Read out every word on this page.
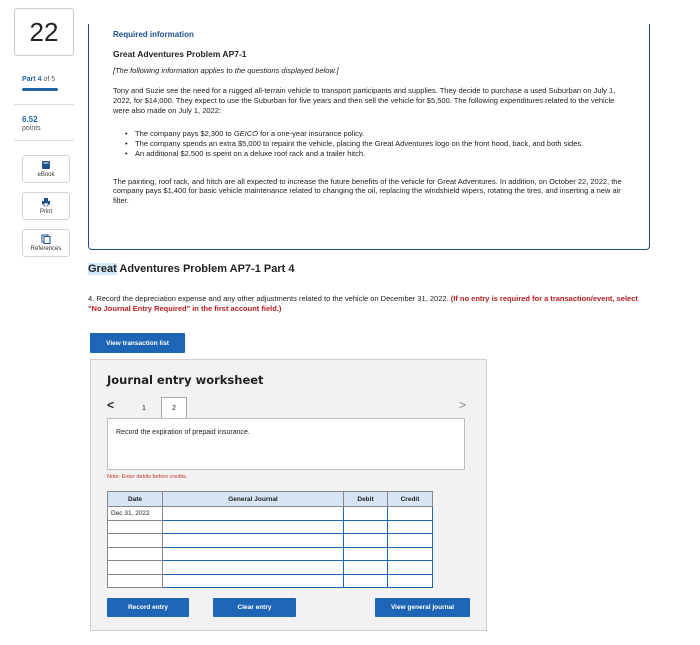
22
Part 4 of 5
6.52
points
eBook
Print
References
Required information
Great Adventures Problem AP7-1
[The following information applies to the questions displayed below.]

Tony and Suzie see the need for a rugged all-terrain vehicle to transport participants and supplies. They decide to purchase a used Suburban on July 1, 2022, for $14,000. They expect to use the Suburban for five years and then sell the vehicle for $5,500. The following expenditures related to the vehicle were also made on July 1, 2022:

• The company pays $2,300 to GEICO for a one-year insurance policy.
• The company spends an extra $5,000 to repaint the vehicle, placing the Great Adventures logo on the front hood, back, and both sides.
• An additional $2,500 is spent on a deluxe roof rack and a trailer hitch.

The painting, roof rack, and hitch are all expected to increase the future benefits of the vehicle for Great Adventures. In addition, on October 22, 2022, the company pays $1,400 for basic vehicle maintenance related to changing the oil, replacing the windshield wipers, rotating the tires, and inserting a new air filter.

Great Adventures Problem AP7-1 Part 4
4. Record the depreciation expense and any other adjustments related to the vehicle on December 31, 2022. (If no entry is required for a transaction/event, select "No Journal Entry Required" in the first account field.)
View transaction list
Journal entry worksheet
<	1	2	>
Record the expiration of prepaid insurance.
Note: Enter debits before credits.
Date	General Journal	Debit	Credit
Dec 31, 2022			

Record entry	Clear entry	View general journal
